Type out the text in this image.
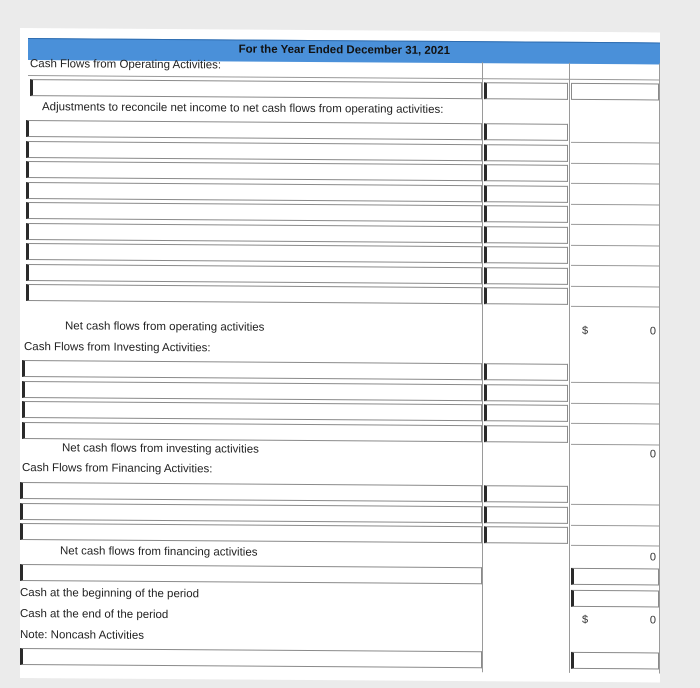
For the Year Ended December 31, 2021
Cash Flows from Operating Activities:
Adjustments to reconcile net income to net cash flows from operating activities:
Net cash flows from operating activities	$	0
Cash Flows from Investing Activities:
Net cash flows from investing activities	0
Cash Flows from Financing Activities:
Net cash flows from financing activities	0
Cash at the beginning of the period
Cash at the end of the period	$	0
Note: Noncash Activities
